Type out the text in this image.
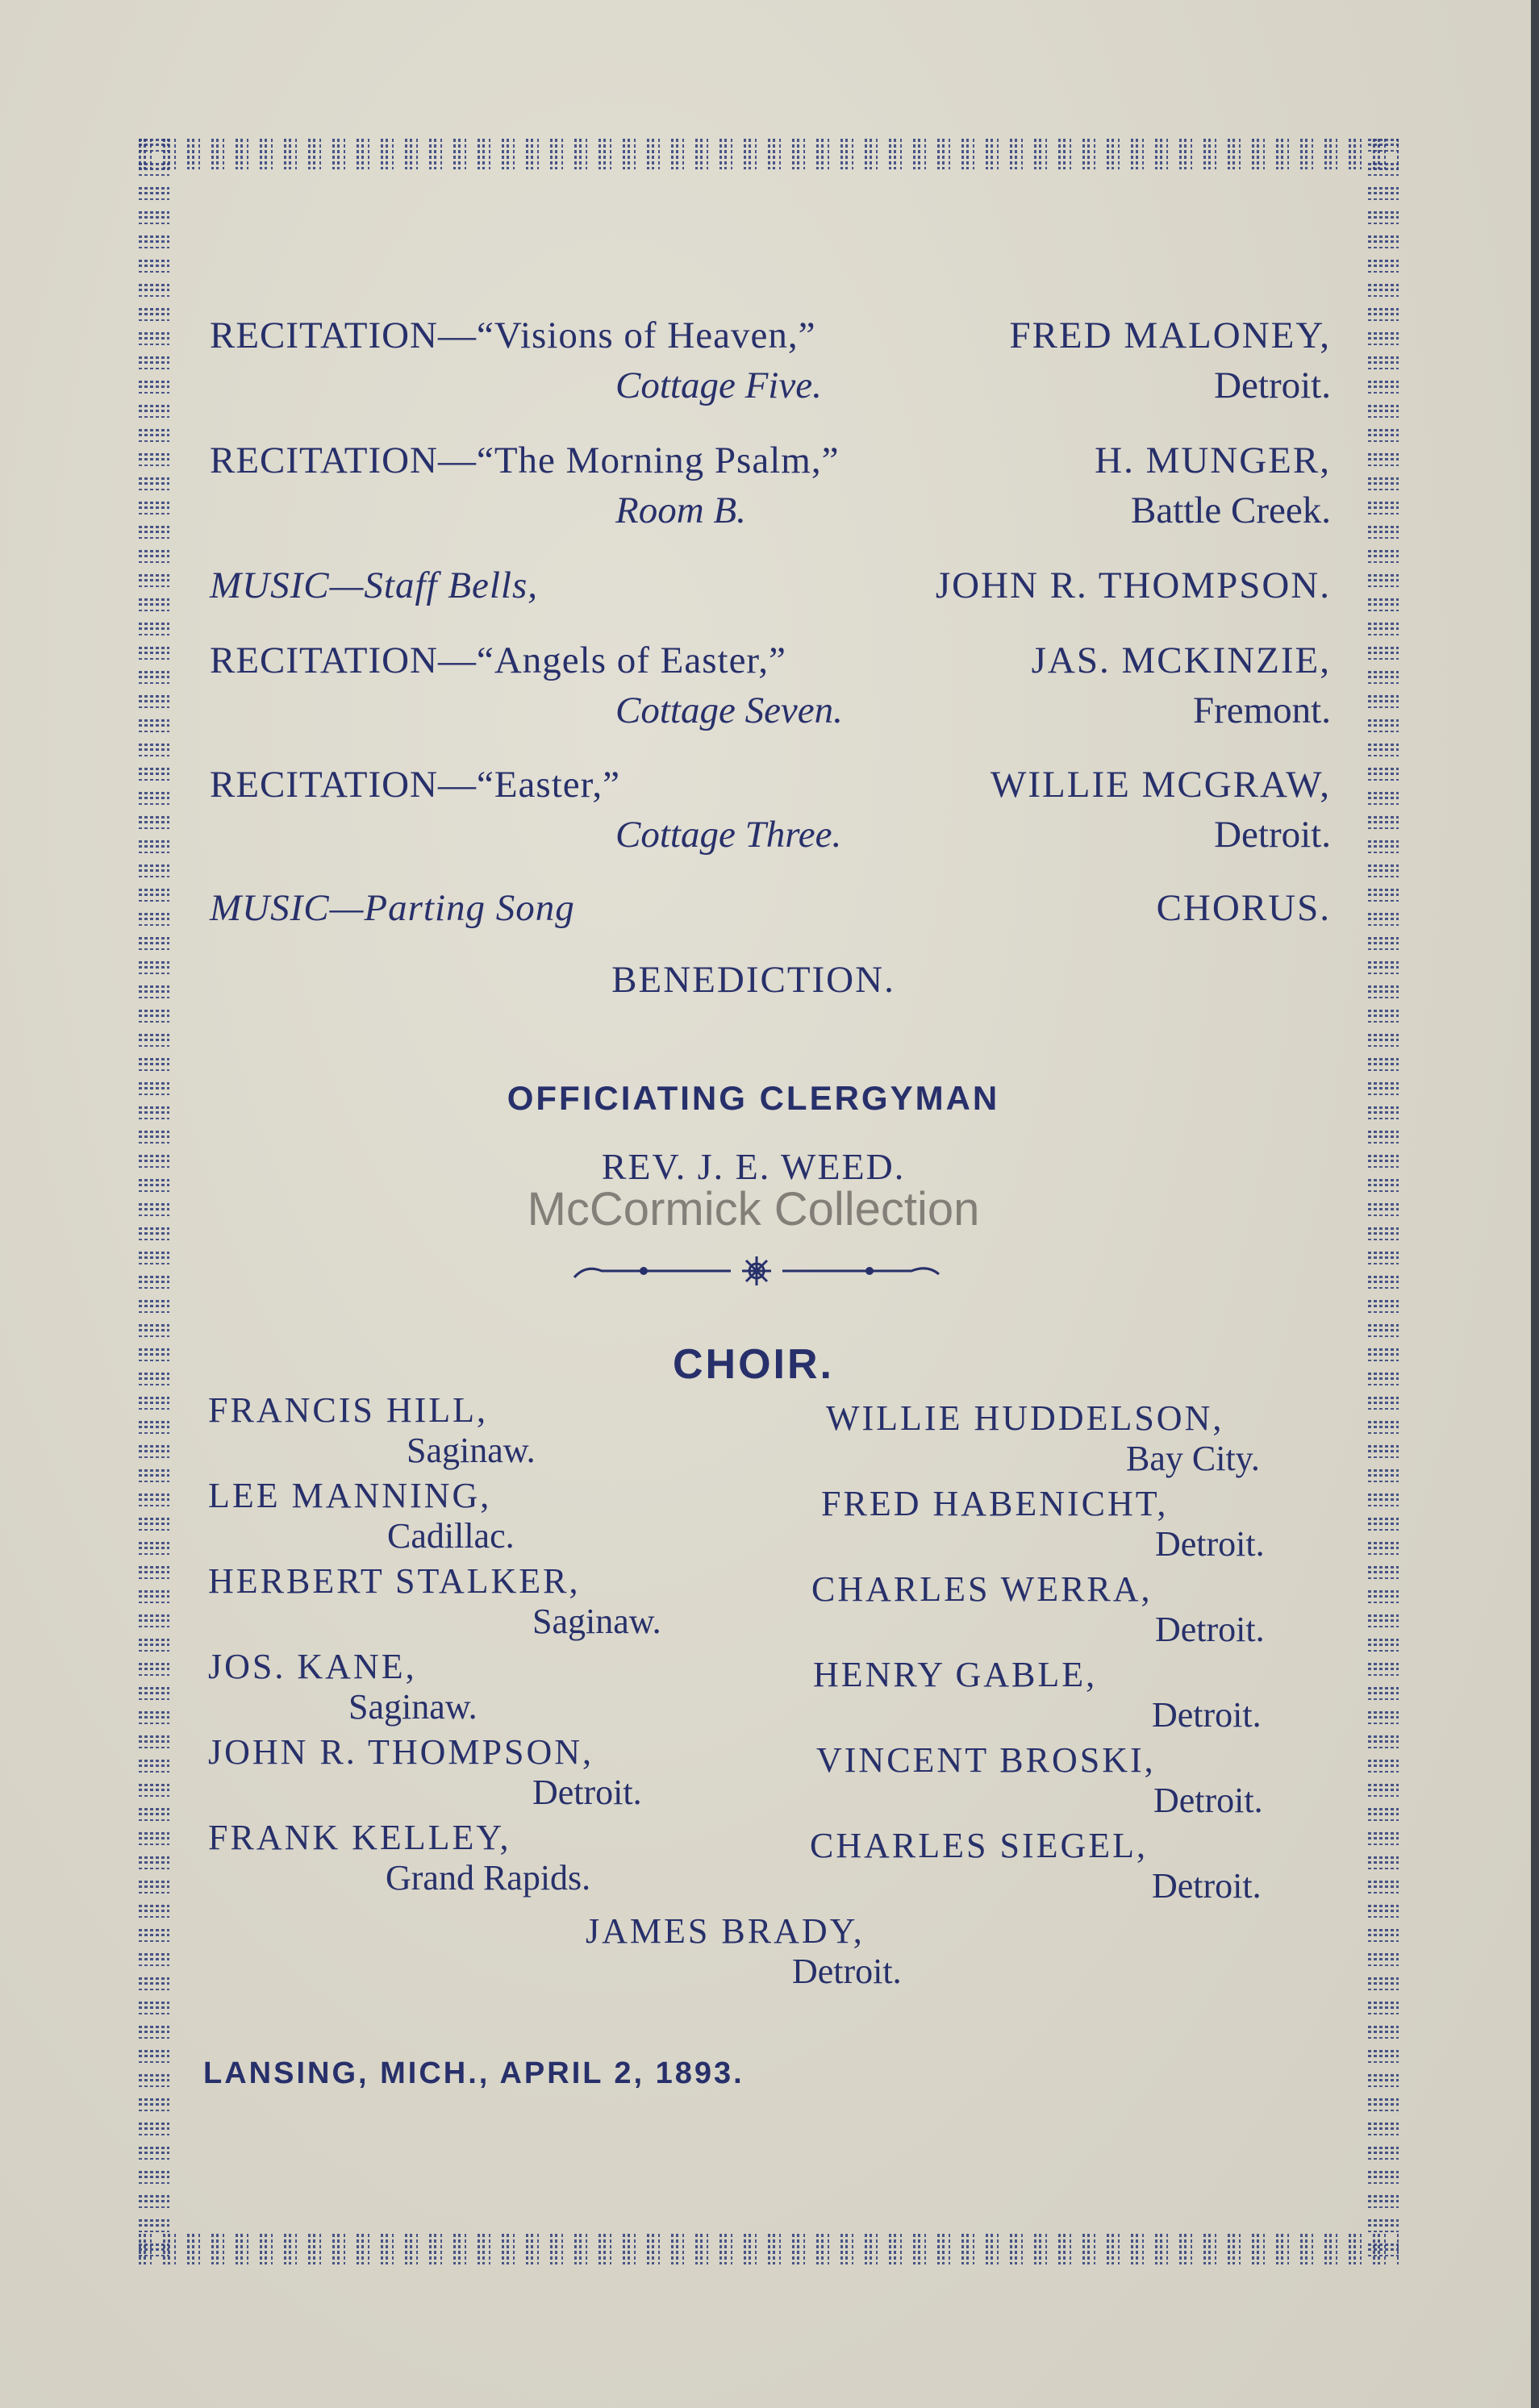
RECITATION—“Visions of Heaven,”	FRED MALONEY,
Cottage Five.	Detroit.
RECITATION—“The Morning Psalm,”	H. MUNGER,
Room B.	Battle Creek.
MUSIC—Staff Bells,	JOHN R. THOMPSON.
RECITATION—“Angels of Easter,”	JAS. MCKINZIE,
Cottage Seven.	Fremont.
RECITATION—“Easter,”	WILLIE MCGRAW,
Cottage Three.	Detroit.
MUSIC—Parting Song	CHORUS.
BENEDICTION.
OFFICIATING CLERGYMAN
REV. J. E. WEED.
McCormick Collection
CHOIR.
FRANCIS HILL,
Saginaw.
LEE MANNING,
Cadillac.
HERBERT STALKER,
Saginaw.
JOS. KANE,
Saginaw.
JOHN R. THOMPSON,
Detroit.
FRANK KELLEY,
Grand Rapids.
WILLIE HUDDELSON,
Bay City.
FRED HABENICHT,
Detroit.
CHARLES WERRA,
Detroit.
HENRY GABLE,
Detroit.
VINCENT BROSKI,
Detroit.
CHARLES SIEGEL,
Detroit.
JAMES BRADY,
Detroit.
LANSING, MICH., APRIL 2, 1893.
